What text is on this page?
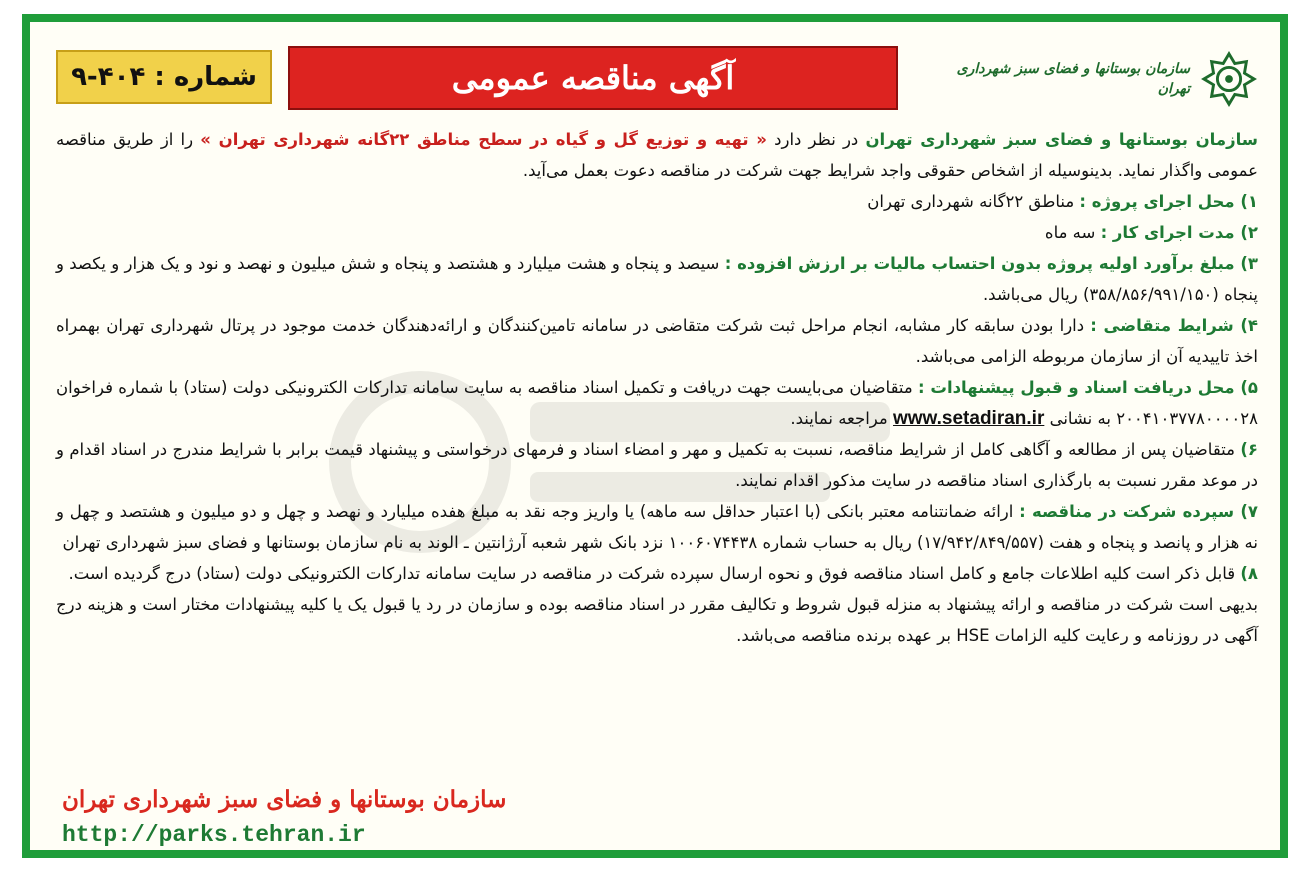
شماره :

۹-۴۰۴	آگهی مناقصه عمومی	سازمان بوستانها و فضای سبز شهرداری تهران

سازمان بوستانها و فضای سبز شهرداری تهران در نظر دارد « تهیه و توزیع گل و گیاه در سطح مناطق ۲۲گانه شهرداری تهران » را از طریق مناقصه عمومی واگذار نماید. بدینوسیله از اشخاص حقوقی واجد شرایط جهت شرکت در مناقصه دعوت بعمل می‌آید.

۱) محل اجرای پروژه : مناطق ۲۲گانه شهرداری تهران

۲) مدت اجرای کار : سه ماه

۳) مبلغ برآورد اولیه پروژه بدون احتساب مالیات بر ارزش افزوده : سیصد و پنجاه و هشت میلیارد و هشتصد و پنجاه و شش میلیون و نهصد و نود و یک هزار و یکصد و پنجاه (۳۵۸/۸۵۶/۹۹۱/۱۵۰) ریال می‌باشد.

۴) شرایط متقاضی : دارا بودن سابقه کار مشابه، انجام مراحل ثبت شرکت متقاضی در سامانه تامین‌کنندگان و ارائه‌دهندگان خدمت موجود در پرتال شهرداری تهران بهمراه اخذ تاییدیه آن از سازمان مربوطه الزامی می‌باشد.

۵) محل دریافت اسناد و قبول پیشنهادات : متقاضیان می‌بایست جهت دریافت و تکمیل اسناد مناقصه به سایت سامانه تدارکات الکترونیکی دولت (ستاد) با شماره فراخوان ۲۰۰۴۱۰۳۷۷۸۰۰۰۰۲۸ به نشانی www.setadiran.ir مراجعه نمایند.

۶) متقاضیان پس از مطالعه و آگاهی کامل از شرایط مناقصه، نسبت به تکمیل و مهر و امضاء اسناد و فرمهای درخواستی و پیشنهاد قیمت برابر با شرایط مندرج در اسناد اقدام و در موعد مقرر نسبت به بارگذاری اسناد مناقصه در سایت مذکور اقدام نمایند.

۷) سپرده شرکت در مناقصه : ارائه ضمانتنامه معتبر بانکی (با اعتبار حداقل سه ماهه) یا واریز وجه نقد به مبلغ هفده میلیارد و نهصد و چهل و دو میلیون و هشتصد و چهل و نه هزار و پانصد و پنجاه و هفت (۱۷/۹۴۲/۸۴۹/۵۵۷) ریال به حساب شماره ۱۰۰۶۰۷۴۴۳۸ نزد بانک شهر شعبه آرژانتین ـ الوند به نام سازمان بوستانها و فضای سبز شهرداری تهران

۸) قابل ذکر است کلیه اطلاعات جامع و کامل اسناد مناقصه فوق و نحوه ارسال سپرده شرکت در مناقصه در سایت سامانه تدارکات الکترونیکی دولت (ستاد) درج گردیده است.

بدیهی است شرکت در مناقصه و ارائه پیشنهاد به منزله قبول شروط و تکالیف مقرر در اسناد مناقصه بوده و سازمان در رد یا قبول یک یا کلیه پیشنهادات مختار است و هزینه درج آگهی در روزنامه و رعایت کلیه الزامات HSE بر عهده برنده مناقصه می‌باشد.

سازمان بوستانها و فضای سبز شهرداری تهران
http://parks.tehran.ir
